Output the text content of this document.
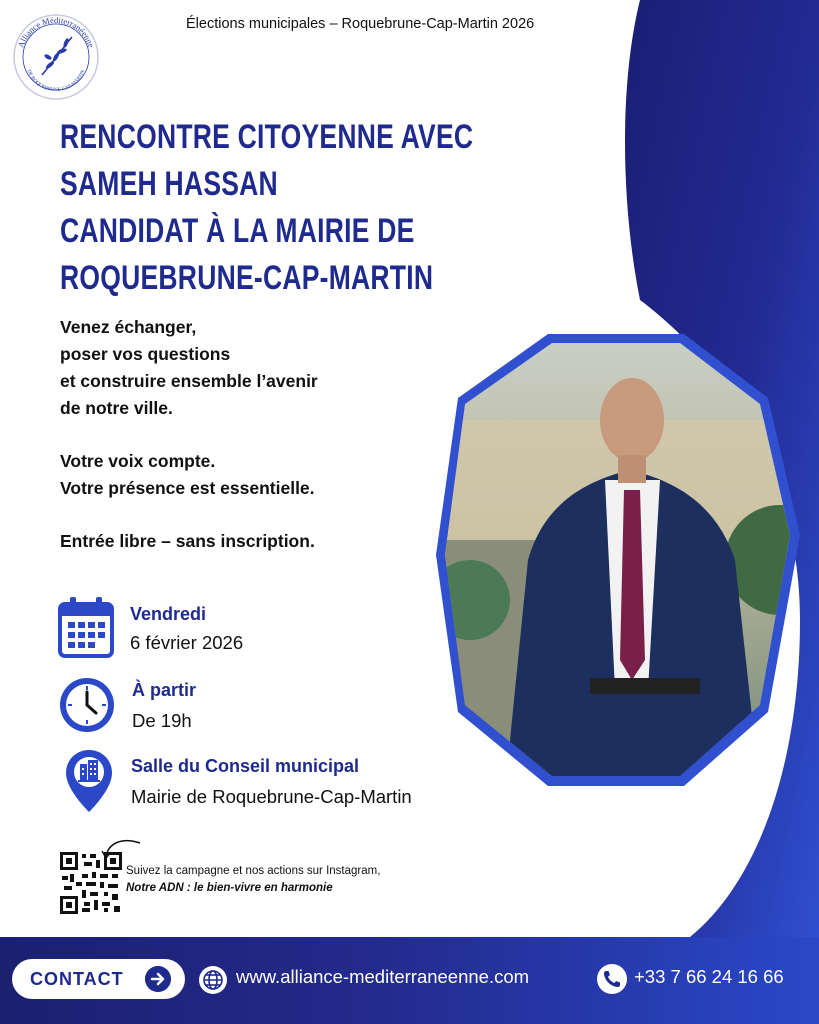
Alliance Méditerranéenne
DE ROQUEBRUNE-CAP-MARTIN
Élections municipales – Roquebrune-Cap-Martin 2026
RENCONTRE CITOYENNE AVEC
SAMEH HASSAN
CANDIDAT À LA MAIRIE DE
ROQUEBRUNE-CAP-MARTIN
Venez échanger,
poser vos questions
et construire ensemble l’avenir
de notre ville.
Votre voix compte.
Votre présence est essentielle.
Entrée libre – sans inscription.
Vendredi
6 février 2026
À partir
De 19h
Salle du Conseil municipal
Mairie de Roquebrune-Cap-Martin
Suivez la campagne et nos actions sur Instagram,
Notre ADN : le bien-vivre en harmonie
CONTACT	www.alliance-mediterraneenne.com	+33 7 66 24 16 66
